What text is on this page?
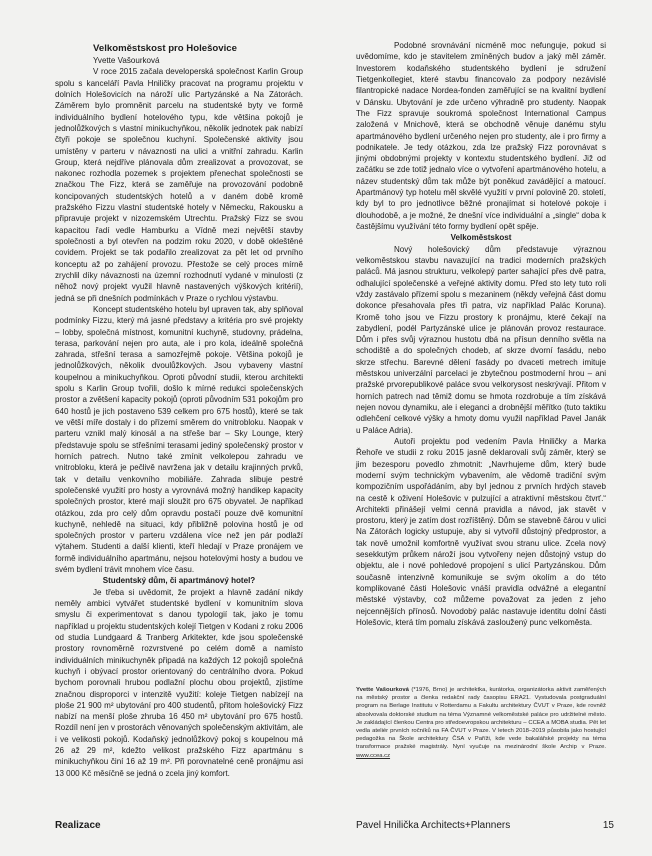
Velkoměstskost pro Holešovice

Yvette Vašourková

V roce 2015 začala developerská společnost Karlin Group spolu s kanceláří Pavla Hniličky pracovat na programu projektu v dolních Holešovicích na nároží ulic Partyzánské a Na Zátorách. Záměrem bylo promněnit parcelu na studentské byty ve formě individuálního bydlení hotelového typu, kde většina pokojů je jednolůžkových s vlastní minikuchyňkou, několik jednotek pak nabízí čtyři pokoje se společnou kuchyní. Společenské aktivity jsou umístěny v parteru v návaznosti na ulici a vnitřní zahradu. Karlin Group, která nejdříve plánovala dům zrealizovat a provozovat, se nakonec rozhodla pozemek s projektem přenechat společnosti se značkou The Fizz, která se zaměřuje na provozování podobně koncipovaných studentských hotelů a v daném době kromě pražského Fizzu vlastní studentské hotely v Německu, Rakousku a připravuje projekt v nizozemském Utrechtu. Pražský Fizz se svou kapacitou řadí vedle Hamburku a Vídně mezi největší stavby společnosti a byl otevřen na podzim roku 2020, v době okleštěné covidem. Projekt se tak podařilo zrealizovat za pět let od prvního konceptu až po zahájení provozu. Přestože se celý proces mírně zrychlil díky návaznosti na územní rozhodnutí vydané v minulosti (z něhož nový projekt využil hlavně nastavených výškových kritérií), jedná se při dnešních podmínkách v Praze o rychlou výstavbu.

Koncept studentského hotelu byl upraven tak, aby splňoval podmínky Fizzu, který má jasné představy a kritéria pro své projekty – lobby, společná místnost, komunitní kuchyně, studovny, prádelna, terasa, parkování nejen pro auta, ale i pro kola, ideálně společná zahrada, střešní terasa a samozřejmě pokoje. Většina pokojů je jednolůžkových, několik dvoulůžkových. Jsou vybaveny vlastní koupelnou a minikuchyňkou. Oproti původní studii, kterou architekti spolu s Karlin Group tvořili, došlo k mírné redukci společenských prostor a zvětšení kapacity pokojů (oproti původním 531 pokojům pro 640 hostů je jich postaveno 539 celkem pro 675 hostů), které se tak ve větší míře dostaly i do přízemí směrem do vnitrobloku. Naopak v parteru vznikl malý kinosál a na střeše bar – Sky Lounge, který představuje spolu se střešními terasami jediný společenský prostor v horních patrech. Nutno také zmínit velkolepou zahradu ve vnitrobloku, která je pečlivě navržena jak v detailu krajinných prvků, tak v detailu venkovního mobiliáře. Zahrada slibuje pestré společenské využití pro hosty a vyrovnává možný handikep kapacity společných prostor, které mají sloužit pro 675 obyvatel. Je napříkad otázkou, zda pro celý dům opravdu postačí pouze dvě komunitní kuchyně, nehledě na situaci, kdy přibližně polovina hostů je od společných prostor v parteru vzdálena více než jen pár podlaží výtahem. Studenti a další klienti, kteří hledají v Praze pronájem ve formě individuálního apartmánu, nejsou hotelovými hosty a budou ve svém bydlení trávit mnohem více času.

Studentský dům, či apartmánový hotel?

Je třeba si uvědomit, že projekt a hlavně zadání nikdy neměly ambici vytvářet studentské bydlení v komunitním slova smyslu či experimentovat s danou typologií tak, jako je tomu například u projektu studentských kolejí Tietgen v Kodani z roku 2006 od studia Lundgaard & Tranberg Arkitekter, kde jsou společenské prostory rovnoměrně rozvrstvené po celém domě a namísto individuálních minikuchyněk připadá na každých 12 pokojů společná kuchyň i obývací prostor orientovaný do centrálního dvora. Pokud bychom porovnali hrubou podlažní plochu obou projektů, zjistíme značnou disproporci v intenzitě využití: koleje Tietgen nabízejí na ploše 21 900 m² ubytování pro 400 studentů, přitom holešovický Fizz nabízí na menší ploše zhruba 16 450 m² ubytování pro 675 hostů. Rozdíl není jen v prostorách věnovaných společenským aktivitám, ale i ve velikosti pokojů. Kodaňský jednolůžkový pokoj s koupelnou má 26 až 29 m², kdežto velikost pražského Fizz apartmánu s minikuchyňkou činí 16 až 19 m². Při porovnatelné ceně pronájmu asi 13 000 Kč měsíčně se jedná o zcela jiný komfort.

Podobné srovnávání nicméně moc nefunguje, pokud si uvědomíme, kdo je stavitelem zmíněných budov a jaký měl záměr. Investorem kodaňského studentského bydlení je sdružení Tietgenkollegiet, které stavbu financovalo za podpory nezávislé filantropické nadace Nordea-fonden zaměřující se na kvalitní bydlení v Dánsku. Ubytování je zde určeno výhradně pro studenty. Naopak The Fizz spravuje soukromá společnost International Campus založená v Mnichově, která se obchodně věnuje danému stylu apartmánového bydlení určeného nejen pro studenty, ale i pro firmy a podnikatele. Je tedy otázkou, zda lze pražský Fizz porovnávat s jinými obdobnými projekty v kontextu studentského bydlení. Již od začátku se zde totiž jednalo více o vytvoření apartmánového hotelu, a název studentský dům tak může být poněkud zavádějící a matoucí. Apartmánový typ hotelu měl skvělé využití v první polovině 20. století, kdy byl to pro jednotlivce běžné pronajímat si hotelové pokoje i dlouhodobě, a je možné, že dnešní více individuální a „single“ doba k častějšímu využívání této formy bydlení opět spěje.

Velkoměstskost

Nový holešovický dům představuje výraznou velkoměstskou stavbu navazující na tradici moderních pražských paláců. Má jasnou strukturu, velkolepý parter sahající přes dvě patra, odhalující společenské a veřejné aktivity domu. Před sto lety tuto roli vždy zastávalo přízemí spolu s mezaninem (někdy veřejná část domu dokonce přesahovala přes tři patra, viz například Palác Koruna). Kromě toho jsou ve Fizzu prostory k pronájmu, které čekají na zabydlení, podél Partyzánské ulice je plánován provoz restaurace. Dům i přes svůj výraznou hustotu dbá na přísun denního světla na schodiště a do společných chodeb, ať skrze dvorní fasádu, nebo skrze střechu. Barevné dělení fasády po dvaceti metrech imituje městskou univerzální parcelaci je zbytečnou postmoderní hrou – ani pražské prvorepublikové paláce svou velkorysost neskrývají. Přitom v horních patrech nad těmiž domu se hmota rozdrobuje a tím získává nejen novou dynamiku, ale i eleganci a drobnější měřítko (tuto taktiku odlehčení celkové výšky a hmoty domu využil například Pavel Janák u Paláce Adria).

Autoři projektu pod vedením Pavla Hniličky a Marka Řehoře ve studii z roku 2015 jasně deklarovali svůj záměr, který se jim bezesporu povedlo zhmotnit: „Navrhujeme dům, který bude moderní svým technickým vybavením, ale vědomě tradiční svým kompozičním uspořádáním, aby byl jednou z prvních hrdých staveb na cestě k oživení Holešovic v pulzující a atraktivní městskou čtvrť.“ Architekti přinášejí velmi cenná pravidla a návod, jak stavět v prostoru, který je zatím dost rozříštěný. Dům se stavebně čárou v ulici Na Zátorách logicky ustupuje, aby si vytvořil důstojný předprostor, a tak nově umožnil komfortně využívat svou stranu ulice. Zcela nový sesekkutým průkem nároží jsou vytvořeny nejen důstojný vstup do objektu, ale i nové pohledové propojení s ulicí Partyzánskou. Dům současně intenzivně komunikuje se svým okolím a do této komplikované části Holešovic vnáší pravidla odvážné a elegantní městské výstavby, což můžeme považovat za jeden z jeho nejcennějších přínosů. Novodobý palác nastavuje identitu dolní části Holešovic, která tím pomalu získává zasloužený punc velkoměsta.

Yvette Vašourková (*1976, Brno) je architektka, kurátorka, organizátorka aktivit zaměřených na městský prostor a členka redakční rady časopisu ERA21. Vystudovala postgraduální program na Berlage Institutu v Rotterdamu a Fakultu architektury ČVUT v Praze, kde rovněž absolvovala doktorské studium na téma Významné velkoměstské paláce pro udržitelné město. Je zakládající členkou Centra pro středoevropskou architekturu – CCEA a MOBA studia. Pět let vedla ateliér prvních ročníků na FA ČVUT v Praze. V letech 2018–2019 působila jako hostující pedagožka na Škole architektury ČSA v Paříži, kde vede bakalářské projekty na téma transformace pražské magistrály. Nyní vyučuje na mezinárodní škole Archip v Praze. www.ccea.cz
Realizace	Pavel Hnilička Architects+Planners	15
